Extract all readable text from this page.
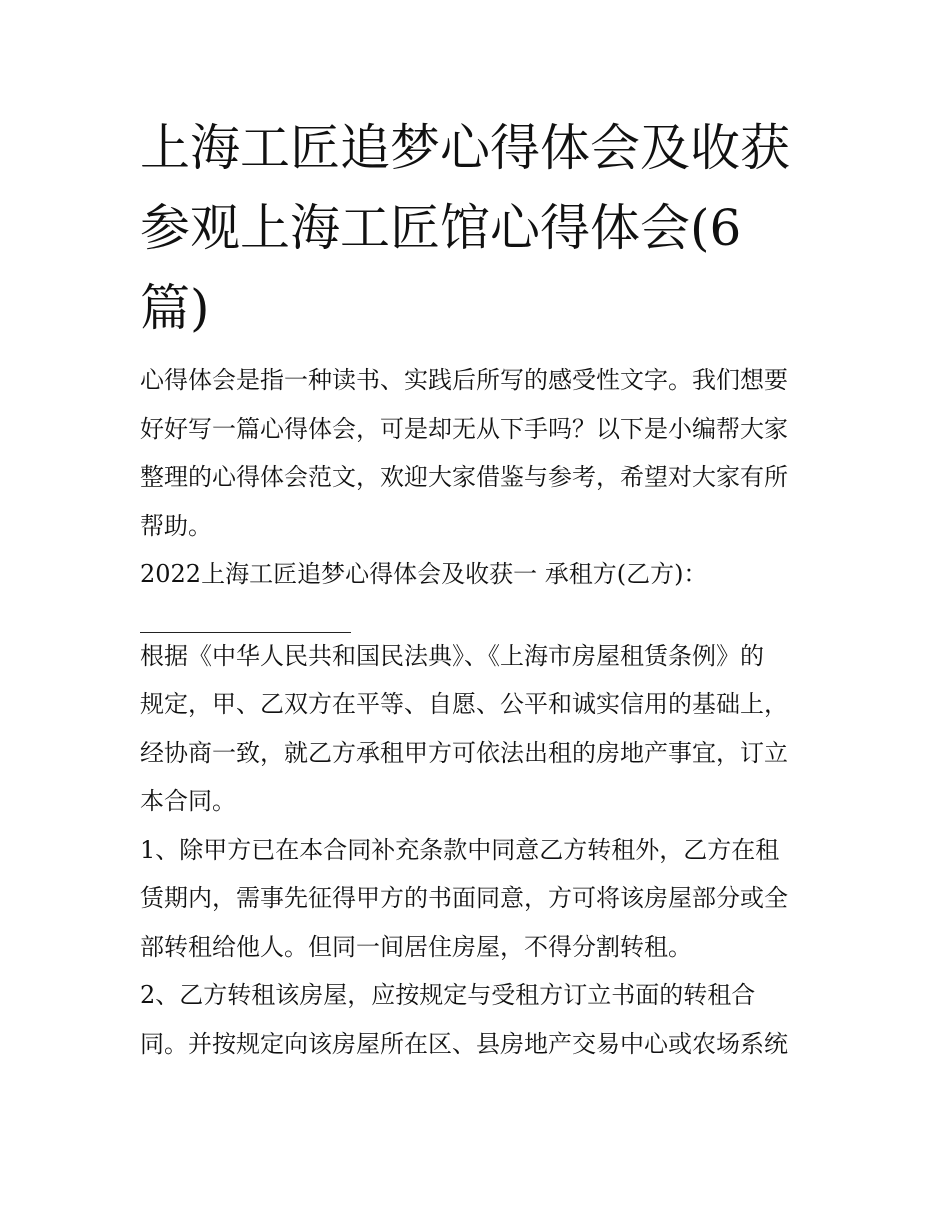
上海工匠追梦心得体会及收获
参观上海工匠馆心得体会(6
篇)

心得体会是指一种读书、实践后所写的感受性文字。我们想要

好好写一篇心得体会，可是却无从下手吗？以下是小编帮大家

整理的心得体会范文，欢迎大家借鉴与参考，希望对大家有所

帮助。

2022上海工匠追梦心得体会及收获一 承租方(乙方)：

根据《中华人民共和国民法典》、《上海市房屋租赁条例》的

规定，甲、乙双方在平等、自愿、公平和诚实信用的基础上，

经协商一致，就乙方承租甲方可依法出租的房地产事宜，订立

本合同。

1、除甲方已在本合同补充条款中同意乙方转租外，乙方在租

赁期内，需事先征得甲方的书面同意，方可将该房屋部分或全

部转租给他人。但同一间居住房屋，不得分割转租。

2、乙方转租该房屋，应按规定与受租方订立书面的转租合

同。并按规定向该房屋所在区、县房地产交易中心或农场系统
